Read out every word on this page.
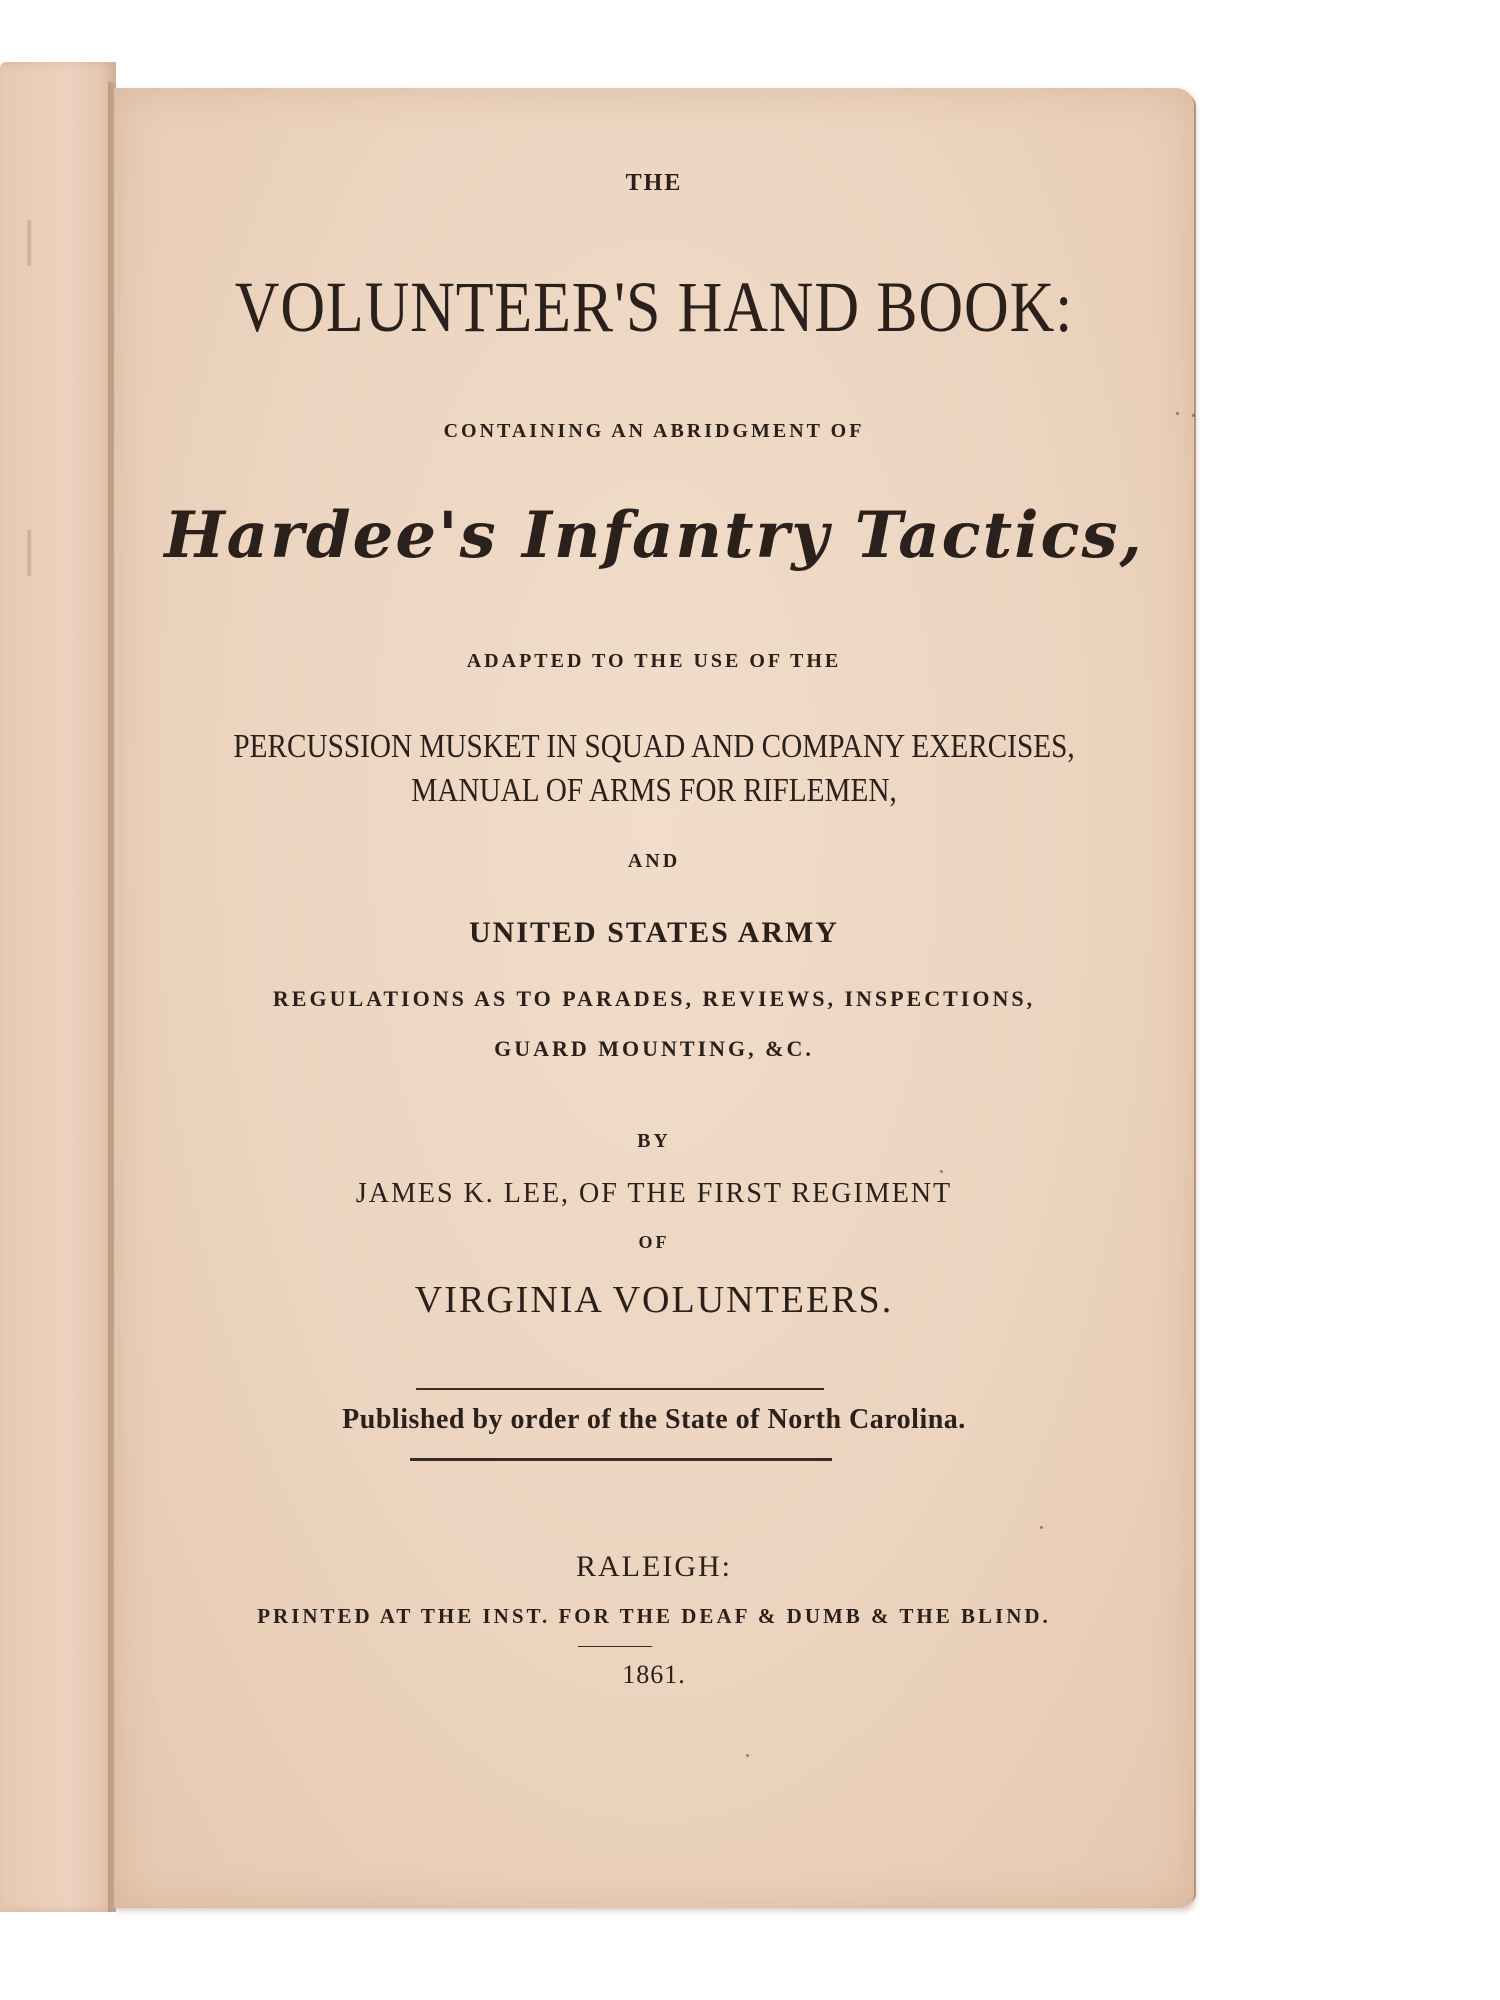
❘
❘
THE
VOLUNTEER'S HAND BOOK:
CONTAINING AN ABRIDGMENT OF
Hardee's Infantry Tactics,
ADAPTED TO THE USE OF THE
PERCUSSION MUSKET IN SQUAD AND COMPANY EXERCISES,
MANUAL OF ARMS FOR RIFLEMEN,
AND
UNITED STATES ARMY
REGULATIONS AS TO PARADES, REVIEWS, INSPECTIONS,
GUARD MOUNTING, &C.
BY
JAMES K. LEE, OF THE FIRST REGIMENT
OF
VIRGINIA VOLUNTEERS.
Published by order of the State of North Carolina.
RALEIGH:
PRINTED AT THE INST. FOR THE DEAF & DUMB & THE BLIND.
1861.
